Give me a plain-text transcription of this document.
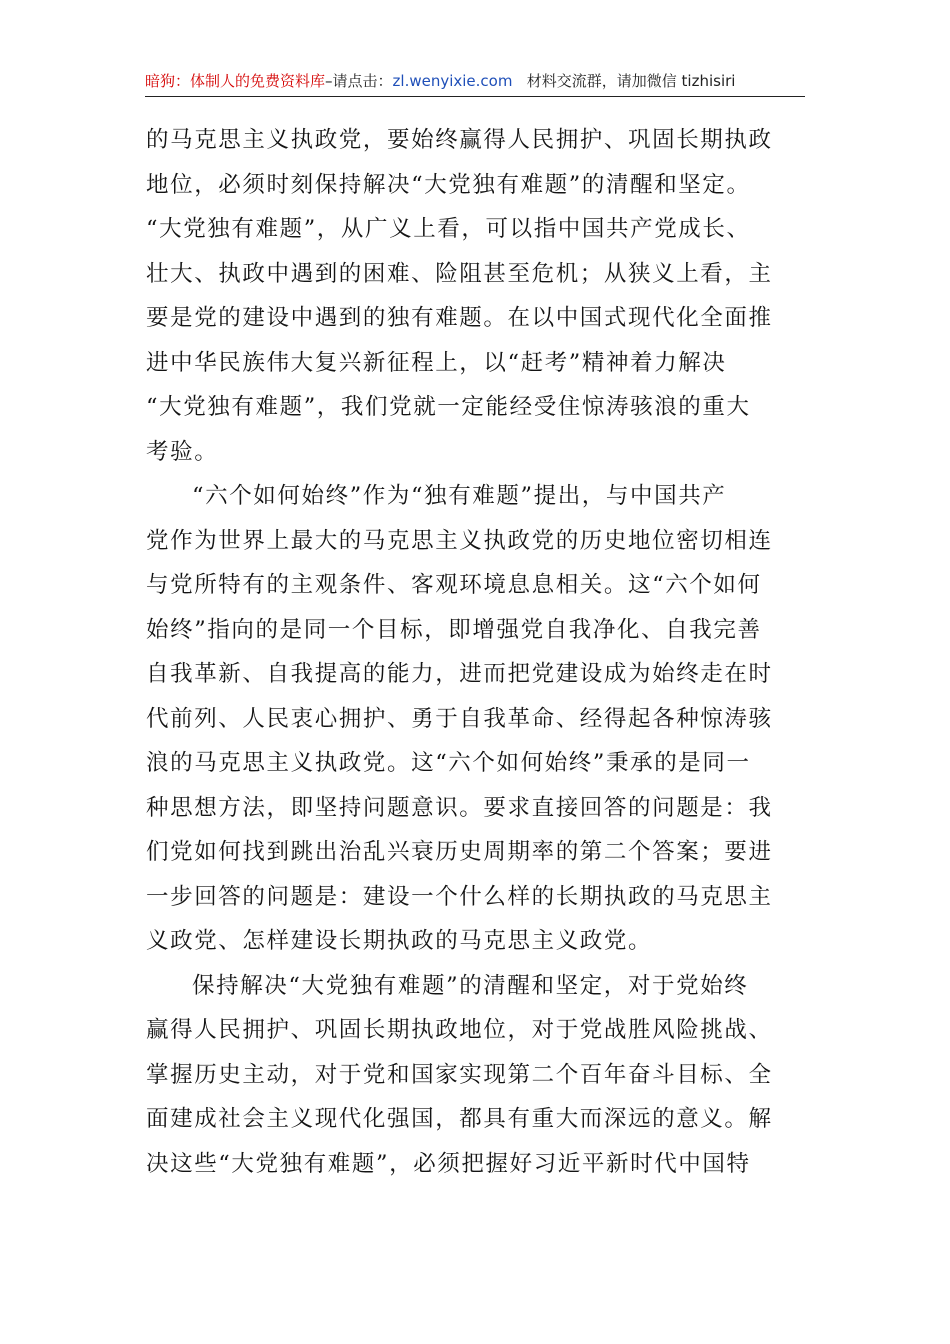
暗狗：体制人的免费资料库–请点击：zl.wenyixie.com 材料交流群，请加微信 tizhisiri
的马克思主义执政党，要始终赢得人民拥护、巩固长期执政
地位，必须时刻保持解决“大党独有难题”的清醒和坚定。
“大党独有难题”，从广义上看，可以指中国共产党成长、
壮大、执政中遇到的困难、险阻甚至危机；从狭义上看，主
要是党的建设中遇到的独有难题。在以中国式现代化全面推
进中华民族伟大复兴新征程上，以“赶考”精神着力解决
“大党独有难题”，我们党就一定能经受住惊涛骇浪的重大
考验。
“六个如何始终”作为“独有难题”提出，与中国共产
党作为世界上最大的马克思主义执政党的历史地位密切相连
与党所特有的主观条件、客观环境息息相关。这“六个如何
始终”指向的是同一个目标，即增强党自我净化、自我完善
自我革新、自我提高的能力，进而把党建设成为始终走在时
代前列、人民衷心拥护、勇于自我革命、经得起各种惊涛骇
浪的马克思主义执政党。这“六个如何始终”秉承的是同一
种思想方法，即坚持问题意识。要求直接回答的问题是：我
们党如何找到跳出治乱兴衰历史周期率的第二个答案；要进
一步回答的问题是：建设一个什么样的长期执政的马克思主
义政党、怎样建设长期执政的马克思主义政党。
保持解决“大党独有难题”的清醒和坚定，对于党始终
赢得人民拥护、巩固长期执政地位，对于党战胜风险挑战、
掌握历史主动，对于党和国家实现第二个百年奋斗目标、全
面建成社会主义现代化强国，都具有重大而深远的意义。解
决这些“大党独有难题”，必须把握好习近平新时代中国特
